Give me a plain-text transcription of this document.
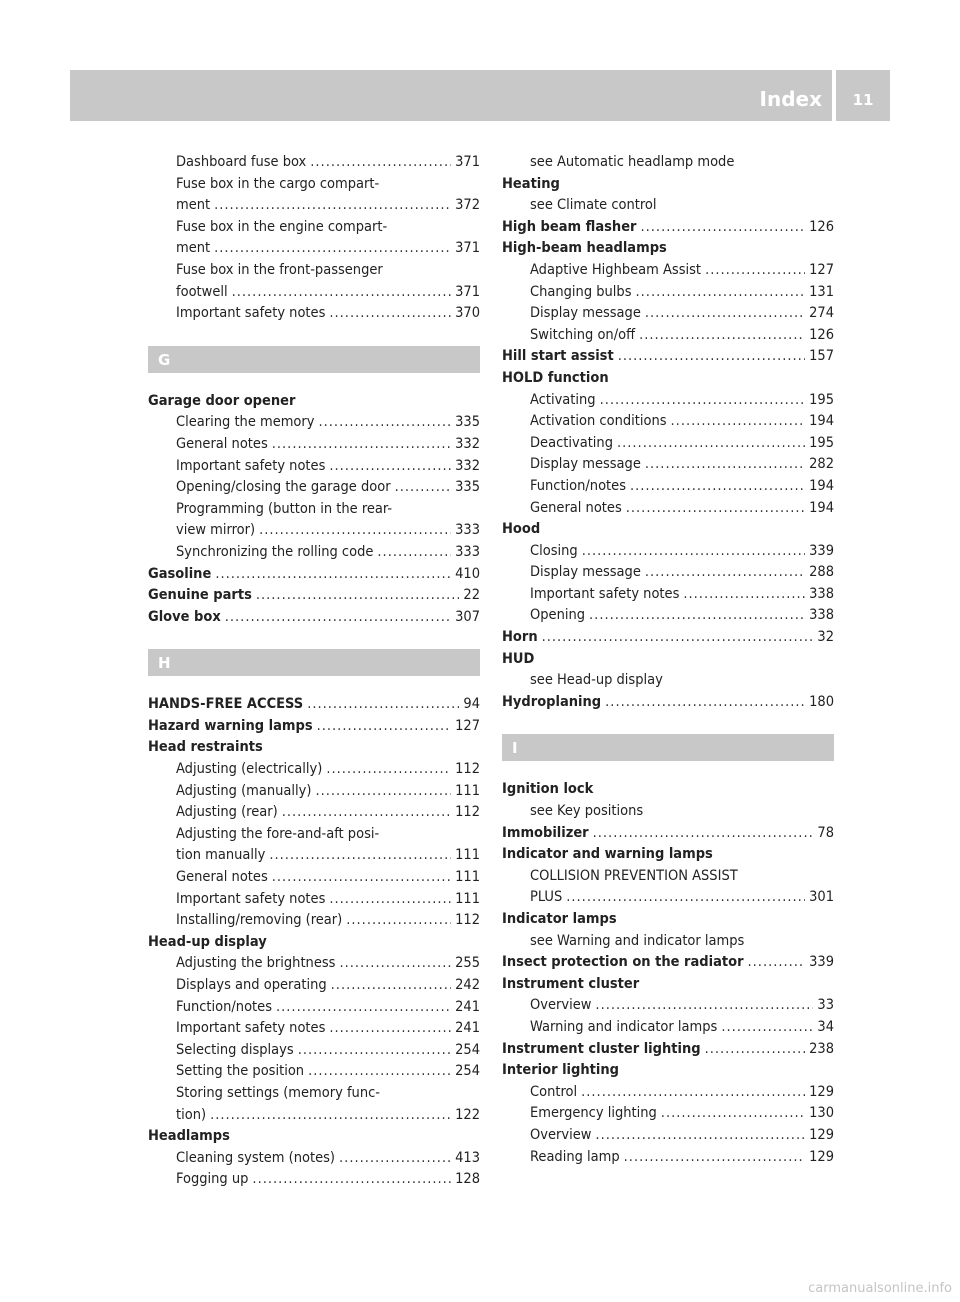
Index	11
Dashboard fuse box .....	371
Fuse box in the cargo compart-
ment .....	372
Fuse box in the engine compart-
ment .....	371
Fuse box in the front-passenger
footwell .....	371
Important safety notes .....	370
G
Garage door opener
Clearing the memory .....	335
General notes .....	332
Important safety notes .....	332
Opening/closing the garage door .....	335
Programming (button in the rear-
view mirror) .....	333
Synchronizing the rolling code .....	333
Gasoline .....	410
Genuine parts .....	22
Glove box .....	307
H
HANDS-FREE ACCESS .....	94
Hazard warning lamps .....	127
Head restraints
Adjusting (electrically) .....	112
Adjusting (manually) .....	111
Adjusting (rear) .....	112
Adjusting the fore-and-aft posi-
tion manually .....	111
General notes .....	111
Important safety notes .....	111
Installing/removing (rear) .....	112
Head-up display
Adjusting the brightness .....	255
Displays and operating .....	242
Function/notes .....	241
Important safety notes .....	241
Selecting displays .....	254
Setting the position .....	254
Storing settings (memory func-
tion) .....	122
Headlamps
Cleaning system (notes) .....	413
Fogging up .....	128
see Automatic headlamp mode
Heating
see Climate control
High beam flasher .....	126
High-beam headlamps
Adaptive Highbeam Assist .....	127
Changing bulbs .....	131
Display message .....	274
Switching on/off .....	126
Hill start assist .....	157
HOLD function
Activating .....	195
Activation conditions .....	194
Deactivating .....	195
Display message .....	282
Function/notes .....	194
General notes .....	194
Hood
Closing .....	339
Display message .....	288
Important safety notes .....	338
Opening .....	338
Horn .....	32
HUD
see Head-up display
Hydroplaning .....	180
I
Ignition lock
see Key positions
Immobilizer .....	78
Indicator and warning lamps
COLLISION PREVENTION ASSIST
PLUS .....	301
Indicator lamps
see Warning and indicator lamps
Insect protection on the radiator .....	339
Instrument cluster
Overview .....	33
Warning and indicator lamps .....	34
Instrument cluster lighting .....	238
Interior lighting
Control .....	129
Emergency lighting .....	130
Overview .....	129
Reading lamp .....	129
carmanualsonline.info
